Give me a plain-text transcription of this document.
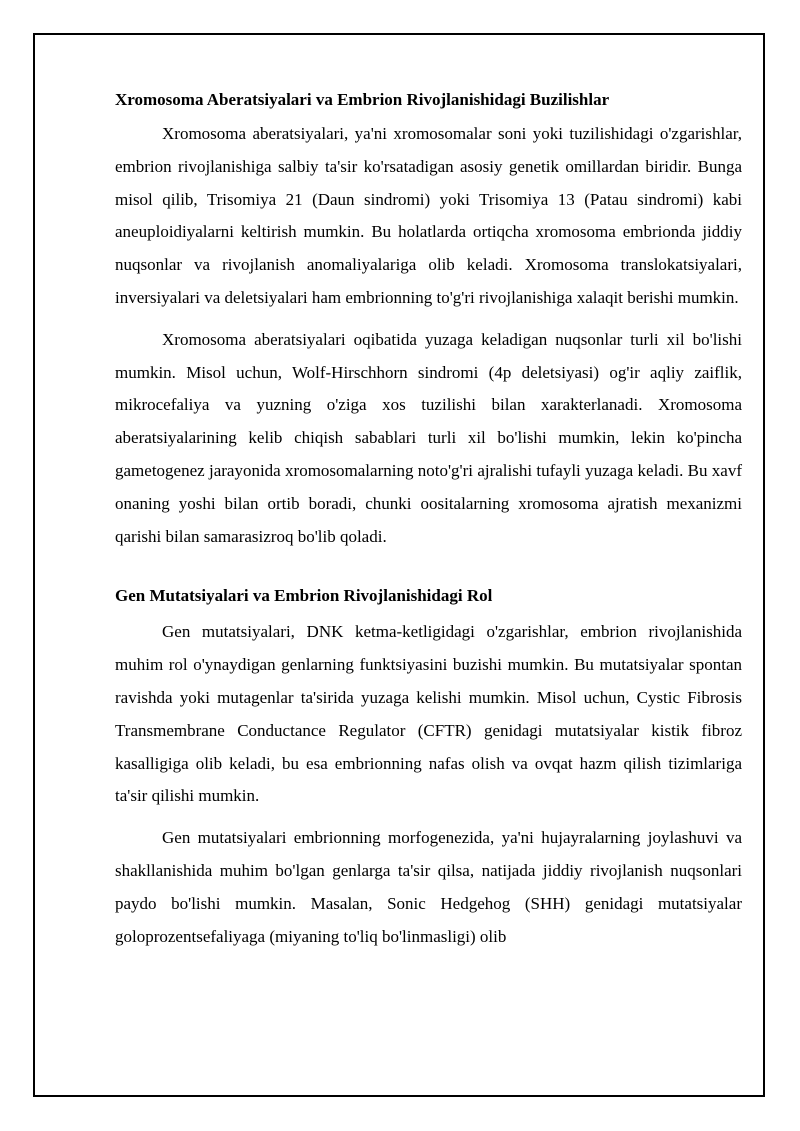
Xromosoma Aberatsiyalari va Embrion Rivojlanishidagi Buzilishlar

Xromosoma aberatsiyalari, ya'ni xromosomalar soni yoki tuzilishidagi o'zgarishlar, embrion rivojlanishiga salbiy ta'sir ko'rsatadigan asosiy genetik omillardan biridir. Bunga misol qilib, Trisomiya 21 (Daun sindromi) yoki Trisomiya 13 (Patau sindromi) kabi aneuploidiyalarni keltirish mumkin. Bu holatlarda ortiqcha xromosoma embrionda jiddiy nuqsonlar va rivojlanish anomaliyalariga olib keladi. Xromosoma translokatsiyalari, inversiyalari va deletsiyalari ham embrionning to'g'ri rivojlanishiga xalaqit berishi mumkin.

Xromosoma aberatsiyalari oqibatida yuzaga keladigan nuqsonlar turli xil bo'lishi mumkin. Misol uchun, Wolf-Hirschhorn sindromi (4p deletsiyasi) og'ir aqliy zaiflik, mikrocefaliya va yuzning o'ziga xos tuzilishi bilan xarakterlanadi. Xromosoma aberatsiyalarining kelib chiqish sabablari turli xil bo'lishi mumkin, lekin ko'pincha gametogenez jarayonida xromosomalarning noto'g'ri ajralishi tufayli yuzaga keladi. Bu xavf onaning yoshi bilan ortib boradi, chunki oositalarning xromosoma ajratish mexanizmi qarishi bilan samarasizroq bo'lib qoladi.

Gen Mutatsiyalari va Embrion Rivojlanishidagi Rol

Gen mutatsiyalari, DNK ketma-ketligidagi o'zgarishlar, embrion rivojlanishida muhim rol o'ynaydigan genlarning funktsiyasini buzishi mumkin. Bu mutatsiyalar spontan ravishda yoki mutagenlar ta'sirida yuzaga kelishi mumkin. Misol uchun, Cystic Fibrosis Transmembrane Conductance Regulator (CFTR) genidagi mutatsiyalar kistik fibroz kasalligiga olib keladi, bu esa embrionning nafas olish va ovqat hazm qilish tizimlariga ta'sir qilishi mumkin.

Gen mutatsiyalari embrionning morfogenezida, ya'ni hujayralarning joylashuvi va shakllanishida muhim bo'lgan genlarga ta'sir qilsa, natijada jiddiy rivojlanish nuqsonlari paydo bo'lishi mumkin. Masalan, Sonic Hedgehog (SHH) genidagi mutatsiyalar goloprozentsefaliyaga (miyaning to'liq bo'linmasligi) olib
